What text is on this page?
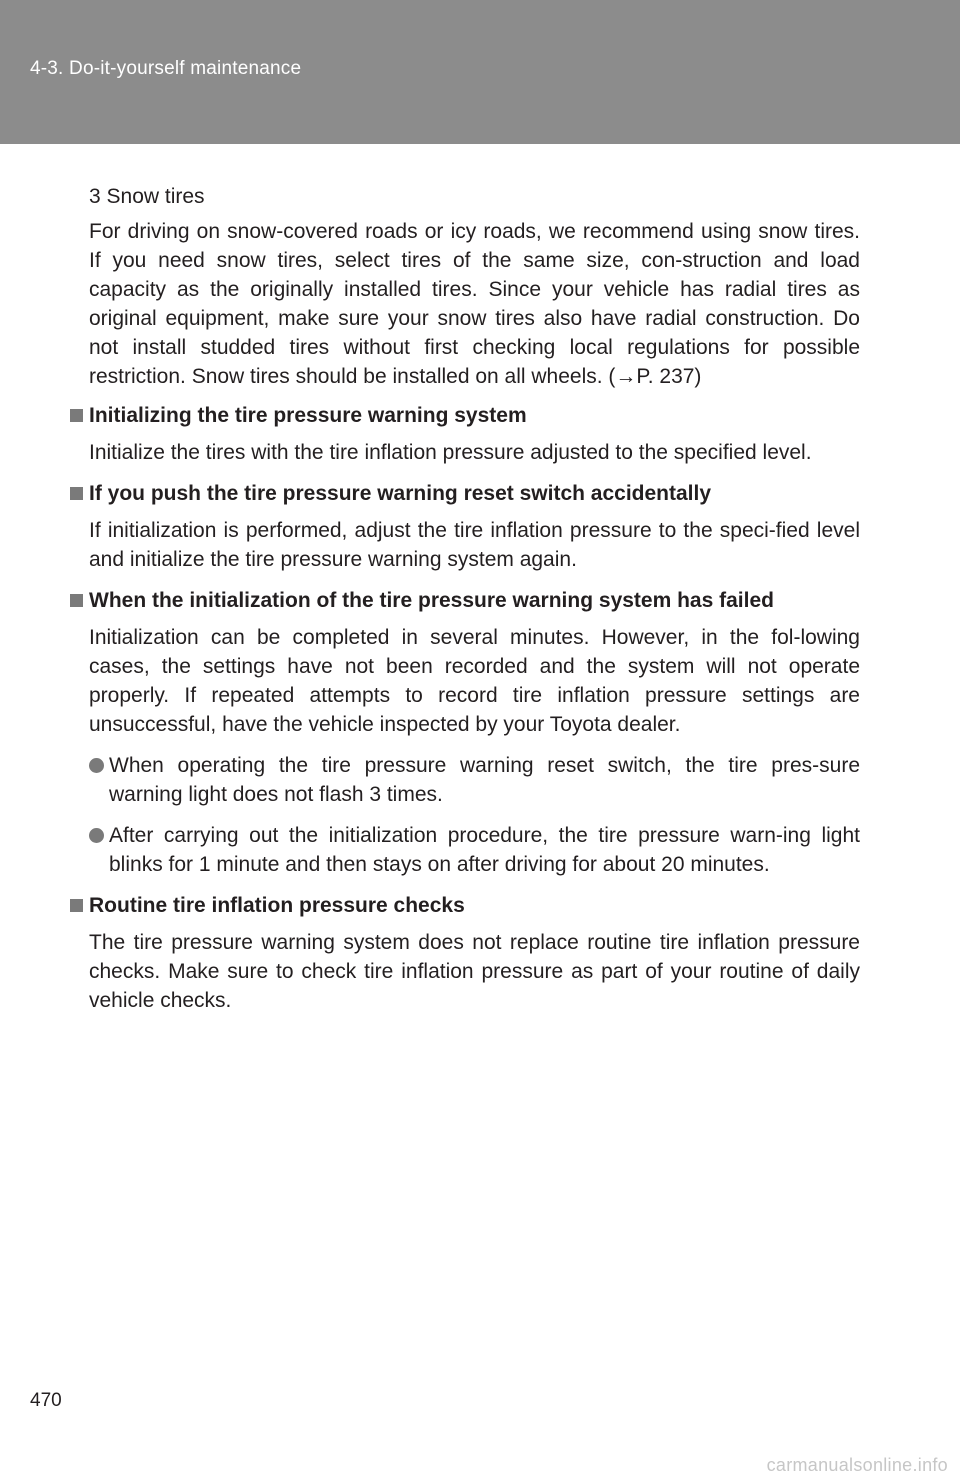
4-3. Do-it-yourself maintenance
3 Snow tires
For driving on snow-covered roads or icy roads, we recommend using snow tires. If you need snow tires, select tires of the same size, con-struction and load capacity as the originally installed tires. Since your vehicle has radial tires as original equipment, make sure your snow tires also have radial construction. Do not install studded tires without first checking local regulations for possible restriction. Snow tires should be installed on all wheels. (→P. 237)
Initializing the tire pressure warning system
Initialize the tires with the tire inflation pressure adjusted to the specified level.
If you push the tire pressure warning reset switch accidentally
If initialization is performed, adjust the tire inflation pressure to the speci-fied level and initialize the tire pressure warning system again.
When the initialization of the tire pressure warning system has failed
Initialization can be completed in several minutes. However, in the fol-lowing cases, the settings have not been recorded and the system will not operate properly. If repeated attempts to record tire inflation pressure settings are unsuccessful, have the vehicle inspected by your Toyota dealer.
When operating the tire pressure warning reset switch, the tire pres-sure warning light does not flash 3 times.
After carrying out the initialization procedure, the tire pressure warn-ing light blinks for 1 minute and then stays on after driving for about 20 minutes.
Routine tire inflation pressure checks
The tire pressure warning system does not replace routine tire inflation pressure checks. Make sure to check tire inflation pressure as part of your routine of daily vehicle checks.
470
carmanualsonline.info
